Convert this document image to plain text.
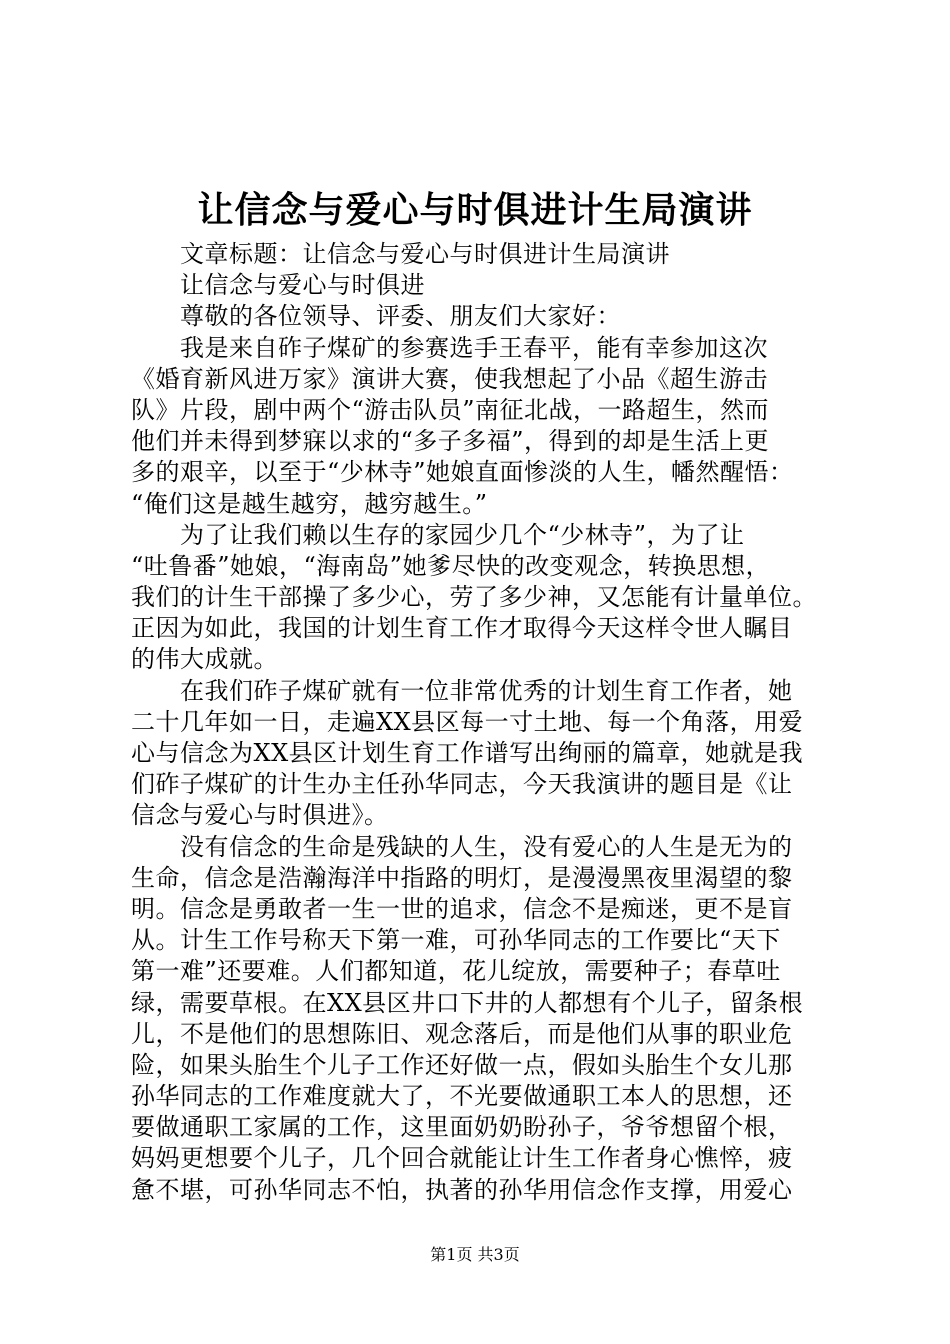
让信念与爱心与时俱进计生局演讲
　　文章标题：让信念与爱心与时俱进计生局演讲
　　让信念与爱心与时俱进
　　尊敬的各位领导、评委、朋友们大家好：
　　我是来自砟子煤矿的参赛选手王春平，能有幸参加这次
《婚育新风进万家》演讲大赛，使我想起了小品《超生游击
队》片段，剧中两个“游击队员”南征北战，一路超生，然而
他们并未得到梦寐以求的“多子多福”，得到的却是生活上更
多的艰辛，以至于“少林寺”她娘直面惨淡的人生，幡然醒悟：
“俺们这是越生越穷，越穷越生。”
　　为了让我们赖以生存的家园少几个“少林寺”，为了让
“吐鲁番”她娘，“海南岛”她爹尽快的改变观念，转换思想，
我们的计生干部操了多少心，劳了多少神，又怎能有计量单位。
正因为如此，我国的计划生育工作才取得今天这样令世人瞩目
的伟大成就。
　　在我们砟子煤矿就有一位非常优秀的计划生育工作者，她
二十几年如一日，走遍XX县区每一寸土地、每一个角落，用爱
心与信念为XX县区计划生育工作谱写出绚丽的篇章，她就是我
们砟子煤矿的计生办主任孙华同志，今天我演讲的题目是《让
信念与爱心与时俱进》。
　　没有信念的生命是残缺的人生，没有爱心的人生是无为的
生命，信念是浩瀚海洋中指路的明灯，是漫漫黑夜里渴望的黎
明。信念是勇敢者一生一世的追求，信念不是痴迷，更不是盲
从。计生工作号称天下第一难，可孙华同志的工作要比“天下
第一难”还要难。人们都知道，花儿绽放，需要种子；春草吐
绿，需要草根。在XX县区井口下井的人都想有个儿子，留条根
儿，不是他们的思想陈旧、观念落后，而是他们从事的职业危
险，如果头胎生个儿子工作还好做一点，假如头胎生个女儿那
孙华同志的工作难度就大了，不光要做通职工本人的思想，还
要做通职工家属的工作，这里面奶奶盼孙子，爷爷想留个根，
妈妈更想要个儿子，几个回合就能让计生工作者身心憔悴，疲
惫不堪，可孙华同志不怕，执著的孙华用信念作支撑，用爱心
第1页 共3页
